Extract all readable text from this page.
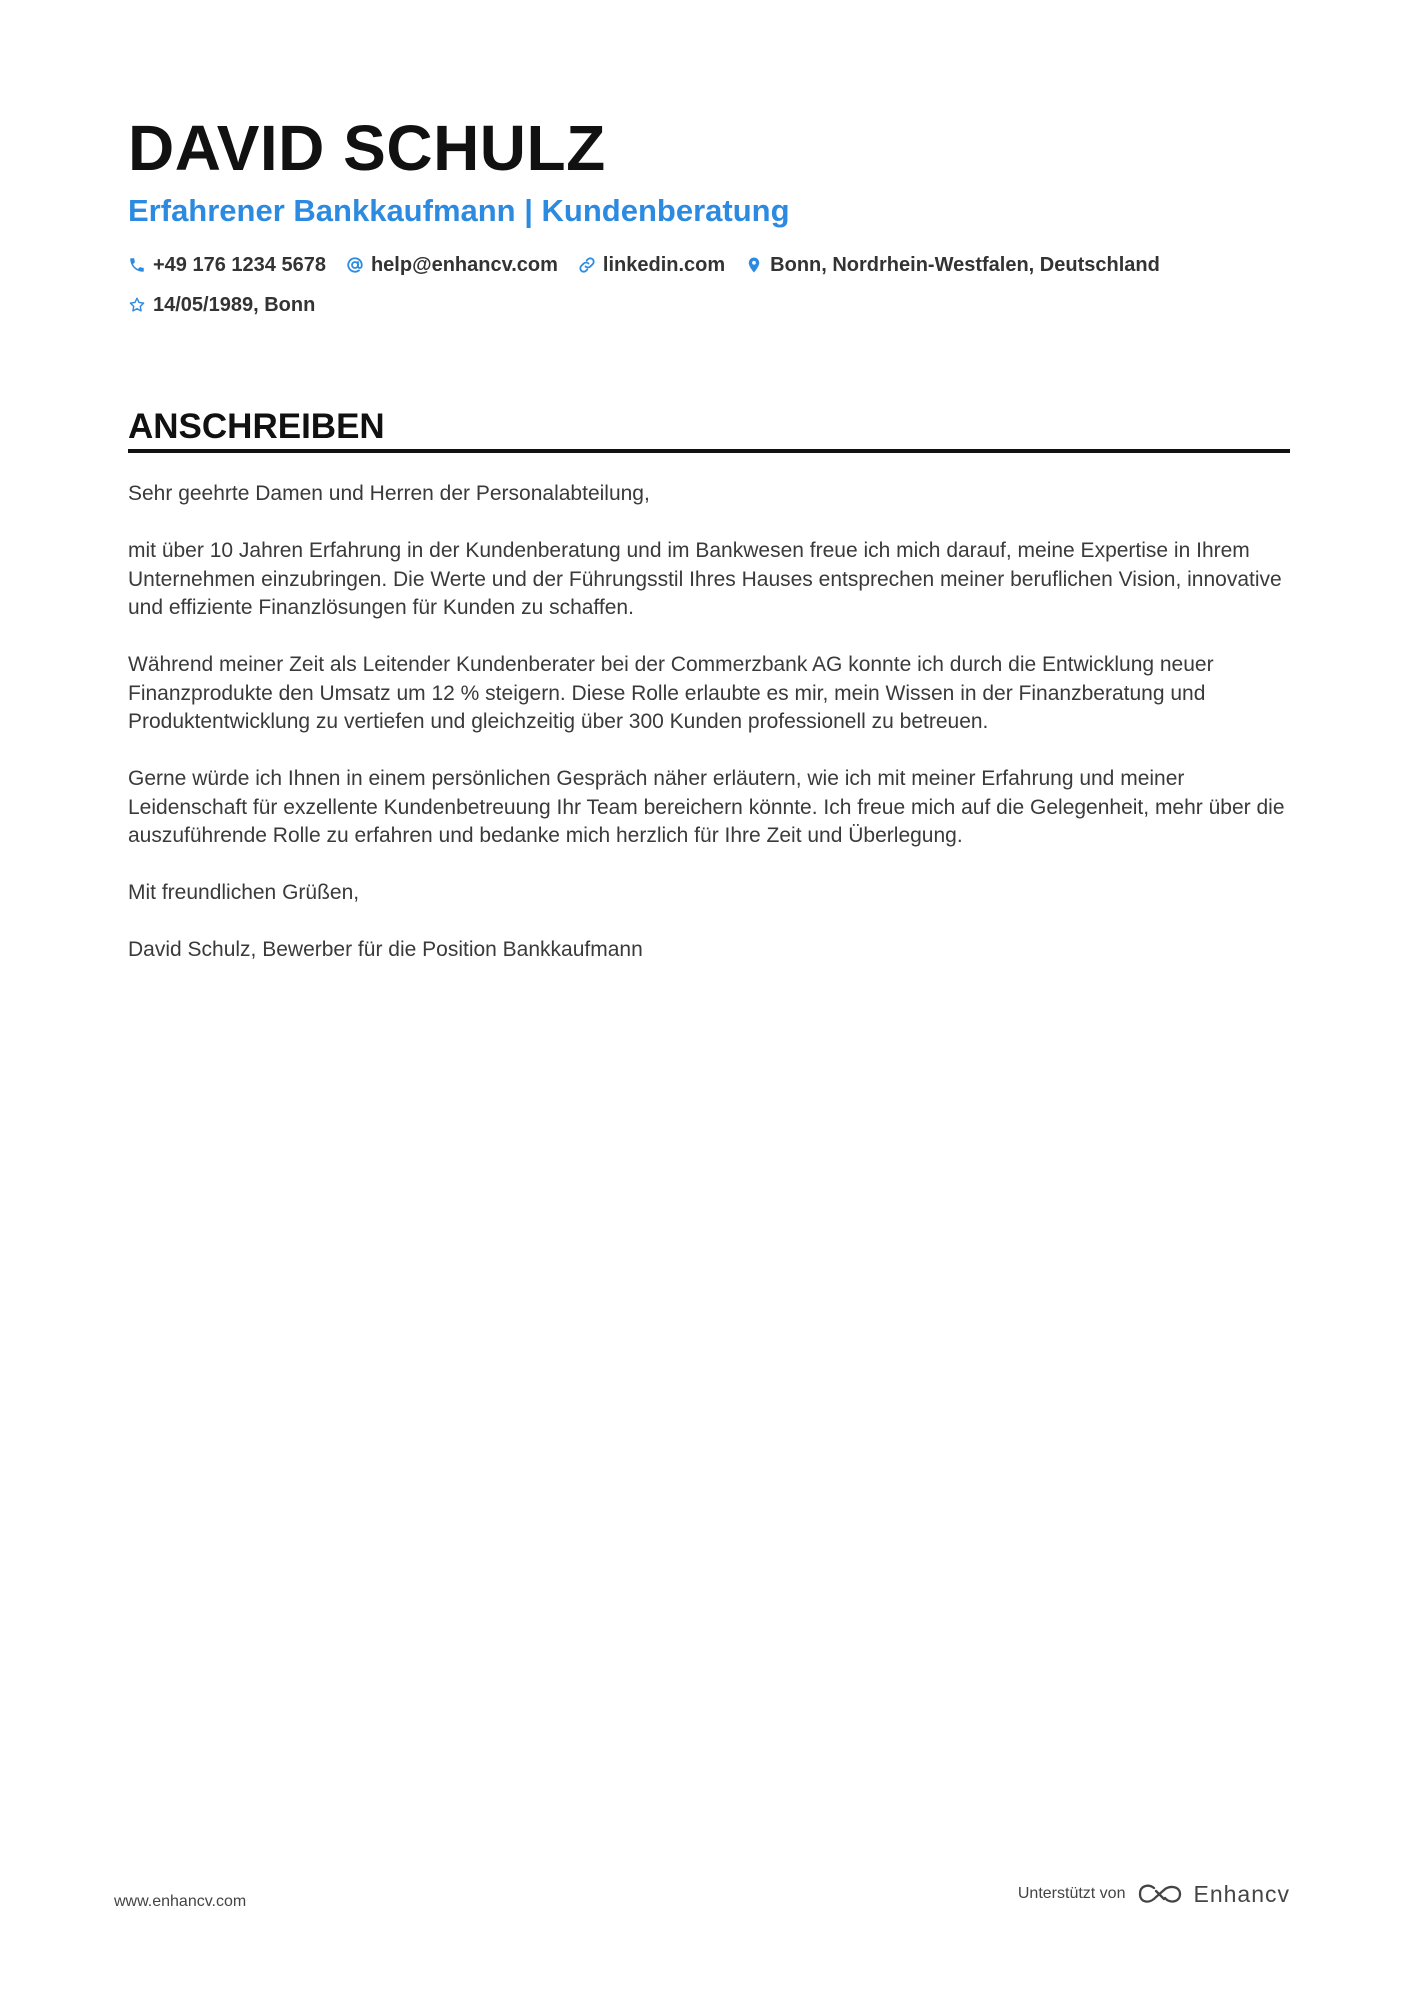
DAVID SCHULZ
Erfahrener Bankkaufmann | Kundenberatung
+49 176 1234 5678 help@enhancv.com linkedin.com Bonn, Nordrhein-Westfalen, Deutschland
14/05/1989, Bonn
ANSCHREIBEN

Sehr geehrte Damen und Herren der Personalabteilung,

mit über 10 Jahren Erfahrung in der Kundenberatung und im Bankwesen freue ich mich darauf, meine Expertise in Ihrem Unternehmen einzubringen. Die Werte und der Führungsstil Ihres Hauses entsprechen meiner beruflichen Vision, innovative und effiziente Finanzlösungen für Kunden zu schaffen.

Während meiner Zeit als Leitender Kundenberater bei der Commerzbank AG konnte ich durch die Entwicklung neuer Finanzprodukte den Umsatz um 12 % steigern. Diese Rolle erlaubte es mir, mein Wissen in der Finanzberatung und Produktentwicklung zu vertiefen und gleichzeitig über 300 Kunden professionell zu betreuen.

Gerne würde ich Ihnen in einem persönlichen Gespräch näher erläutern, wie ich mit meiner Erfahrung und meiner Leidenschaft für exzellente Kundenbetreuung Ihr Team bereichern könnte. Ich freue mich auf die Gelegenheit, mehr über die auszuführende Rolle zu erfahren und bedanke mich herzlich für Ihre Zeit und Überlegung.

Mit freundlichen Grüßen,

David Schulz, Bewerber für die Position Bankkaufmann

www.enhancv.com	Unterstützt von	Enhancv
